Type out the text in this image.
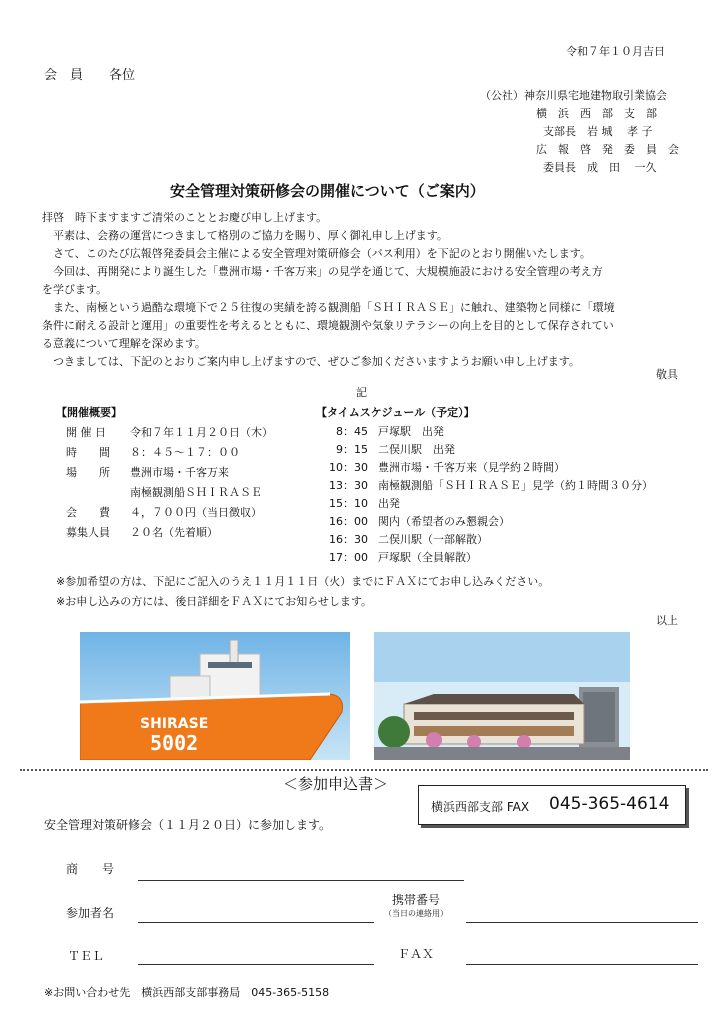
令和７年１０月吉日
会　員　　各位
（公社）神奈川県宅地建物取引業協会
横　浜　西　部　支　部
支部長　岩 城　 孝 子
広　報　啓　発　委　員　会
委員長　成　田　 一久
安全管理対策研修会の開催について（ご案内）
拝啓　時下ますますご清栄のこととお慶び申し上げます。
　平素は、会務の運営につきまして格別のご協力を賜り、厚く御礼申し上げます。
　さて、このたび広報啓発委員会主催による安全管理対策研修会（バス利用）を下記のとおり開催いたします。
　今回は、再開発により誕生した「豊洲市場・千客万来」の見学を通じて、大規模施設における安全管理の考え方
を学びます。
　また、南極という過酷な環境下で２５往復の実績を誇る観測船「ＳＨＩＲＡＳＥ」に触れ、建築物と同様に「環境
条件に耐える設計と運用」の重要性を考えるとともに、環境観測や気象リテラシーの向上を目的として保存されてい
る意義について理解を深めます。
　つきましては、下記のとおりご案内申し上げますので、ぜひご参加くださいますようお願い申し上げます。
敬具
記
【開催概要】
開 催 日 令和７年１１月２０日（木）
時　　間 ８：４５～１７：００
場　　所 豊洲市場・千客万来
南極観測船ＳＨＩＲＡＳＥ
会　　費 ４，７００円（当日徴収）
募集人員 ２０名（先着順）
【タイムスケジュール（予定）】
8：45 戸塚駅　出発
9：15 二俣川駅　出発
10：30 豊洲市場・千客万来（見学約２時間）
13：30 南極観測船「ＳＨＩＲＡＳＥ」見学（約１時間３０分）
15：10 出発
16：00 関内（希望者のみ懇親会）
16：30 二俣川駅（一部解散）
17：00 戸塚駅（全員解散）
※参加希望の方は、下記にご記入のうえ１１月１１日（火）までにＦＡＸにてお申し込みください。
※お申し込みの方には、後日詳細をＦＡＸにてお知らせします。
以上
SHIRASE
5002
＜参加申込書＞
横浜西部支部 FAX 045-365-4614
安全管理対策研修会（１１月２０日）に参加します。
商　　号
参加者名
携帯番号
（当日の連絡用）
ＴＥＬ	ＦＡＸ
※お問い合わせ先　横浜西部支部事務局　045-365-5158
